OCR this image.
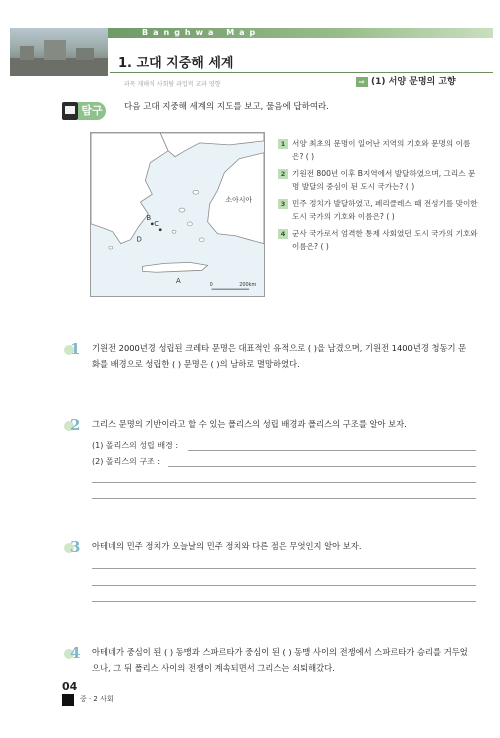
Banghwa Map
1. 고대 지중해 세계
과목 재해석 사회탐 과업적 교과 영향	⇨ (1) 서양 문명의 고향
탐구	다음 고대 지중해 세계의 지도를 보고, 물음에 답하여라.
소아시아
B
C
D
A	0	200km
1 서양 최초의 문명이 일어난 지역의 기호와 문명의 이름은? ( )
2 기원전 800년 이후 B지역에서 발달하였으며, 그리스 문명 발달의 중심이 된 도시 국가는? ( )
3 민주 정치가 발달하였고, 페리클레스 때 전성기를 맞이한 도시 국가의 기호와 이름은? ( )
4 군사 국가로서 엄격한 통제 사회였던 도시 국가의 기호와 이름은? ( )
1 기원전 2000년경 성립된 크레타 문명은 대표적인 유적으로 ( )을 남겼으며, 기원전 1400년경 청동기 문화를 배경으로 성립한 ( ) 문명은 ( )의 남하로 멸망하였다.
2 그리스 문명의 기반이라고 할 수 있는 폴리스의 성립 배경과 폴리스의 구조를 알아 보자.
(1) 폴리스의 성립 배경 :
(2) 폴리스의 구조 :
3 아테네의 민주 정치가 오늘날의 민주 정치와 다른 점은 무엇인지 알아 보자.
4 아테네가 중심이 된 ( ) 동맹과 스파르타가 중심이 된 ( ) 동맹 사이의 전쟁에서 스파르타가 승리를 거두었으나, 그 뒤 폴리스 사이의 전쟁이 계속되면서 그리스는 쇠퇴해갔다.
04
중 · 2 사회
